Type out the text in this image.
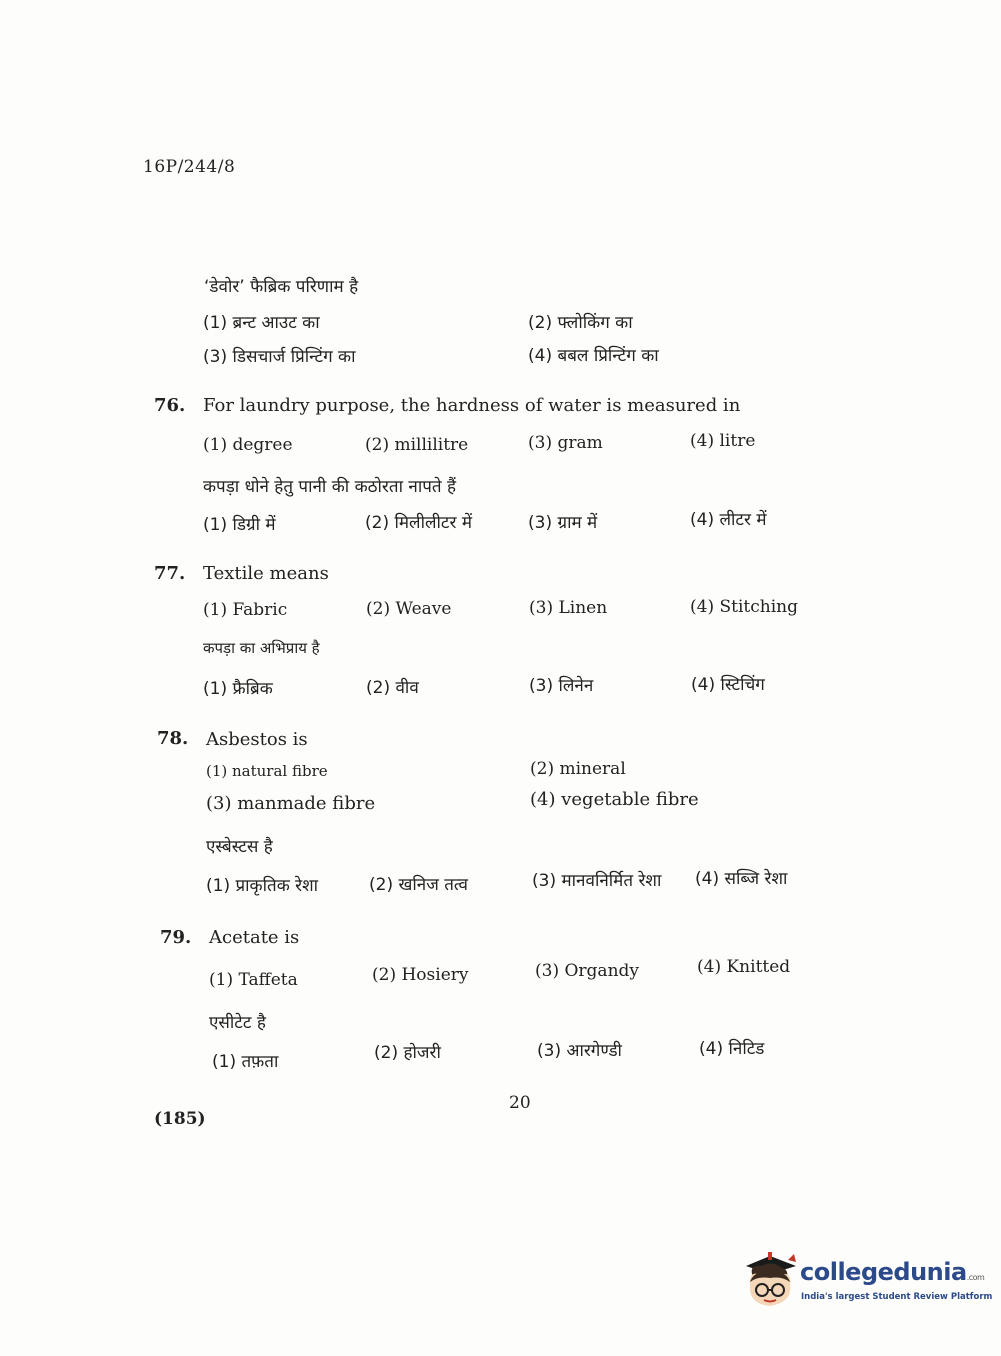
16P/244/8
‘डेवोर’ फैब्रिक परिणाम है
(1) ब्रन्ट आउट का	(2) फ्लोकिंग का
(3) डिसचार्ज प्रिन्टिंग का	(4) बबल प्रिन्टिंग का
76. For laundry purpose, the hardness of water is measured in
(1) degree	(2) millilitre	(3) gram	(4) litre
कपड़ा धोने हेतु पानी की कठोरता नापते हैं
(1) डिग्री में	(2) मिलीलीटर में	(3) ग्राम में	(4) लीटर में
77. Textile means
(1) Fabric	(2) Weave	(3) Linen	(4) Stitching
कपड़ा का अभिप्राय है
(1) फ्रैब्रिक	(2) वीव	(3) लिनेन	(4) स्टिचिंग
78. Asbestos is
(1) natural fibre	(2) mineral
(3) manmade fibre	(4) vegetable fibre
एस्बेस्टस है
(1) प्राकृतिक रेशा	(2) खनिज तत्व	(3) मानवनिर्मित रेशा (4) सब्जि रेशा
79. Acetate is
(1) Taffeta	(2) Hosiery	(3) Organdy	(4) Knitted
एसीटेट है
(1) तफ़ता	(2) होजरी	(3) आरगेण्डी	(4) निटिड
20
(185)
collegedunia.com
India's largest Student Review Platform
